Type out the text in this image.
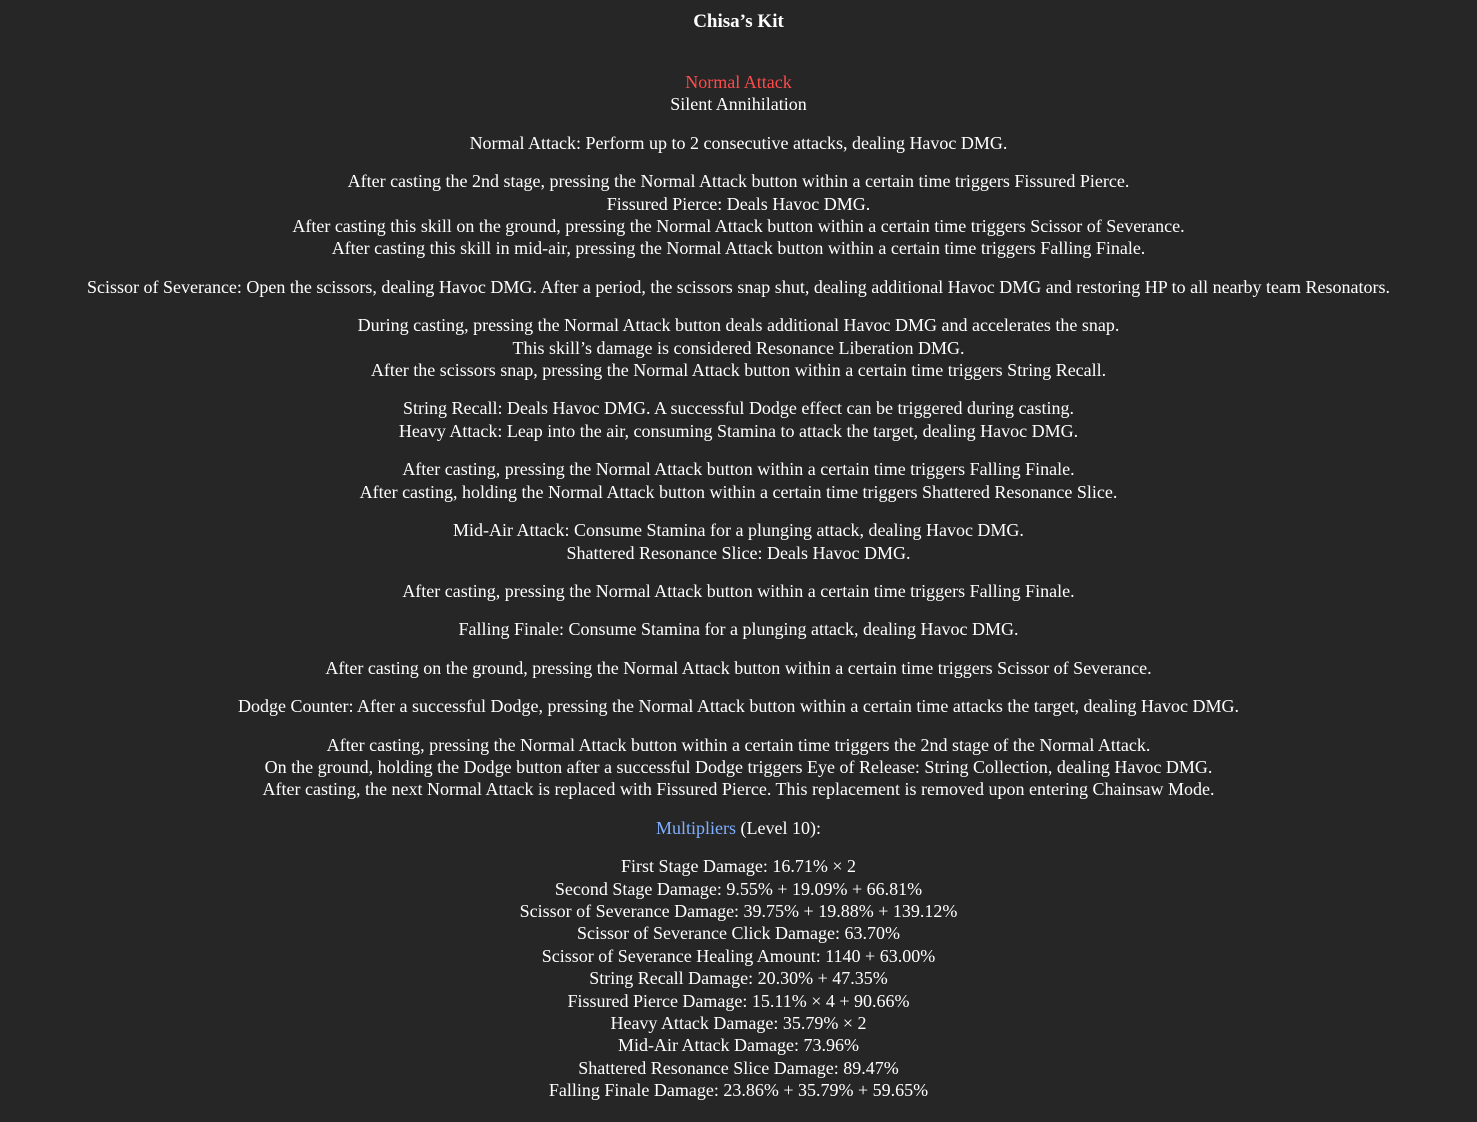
Chisa’s Kit
Normal Attack
Silent Annihilation
Normal Attack: Perform up to 2 consecutive attacks, dealing Havoc DMG.
After casting the 2nd stage, pressing the Normal Attack button within a certain time triggers Fissured Pierce.
Fissured Pierce: Deals Havoc DMG.
After casting this skill on the ground, pressing the Normal Attack button within a certain time triggers Scissor of Severance.
After casting this skill in mid-air, pressing the Normal Attack button within a certain time triggers Falling Finale.
Scissor of Severance: Open the scissors, dealing Havoc DMG. After a period, the scissors snap shut, dealing additional Havoc DMG and restoring HP to all nearby team Resonators.
During casting, pressing the Normal Attack button deals additional Havoc DMG and accelerates the snap.
This skill’s damage is considered Resonance Liberation DMG.
After the scissors snap, pressing the Normal Attack button within a certain time triggers String Recall.
String Recall: Deals Havoc DMG. A successful Dodge effect can be triggered during casting.
Heavy Attack: Leap into the air, consuming Stamina to attack the target, dealing Havoc DMG.
After casting, pressing the Normal Attack button within a certain time triggers Falling Finale.
After casting, holding the Normal Attack button within a certain time triggers Shattered Resonance Slice.
Mid-Air Attack: Consume Stamina for a plunging attack, dealing Havoc DMG.
Shattered Resonance Slice: Deals Havoc DMG.
After casting, pressing the Normal Attack button within a certain time triggers Falling Finale.
Falling Finale: Consume Stamina for a plunging attack, dealing Havoc DMG.
After casting on the ground, pressing the Normal Attack button within a certain time triggers Scissor of Severance.
Dodge Counter: After a successful Dodge, pressing the Normal Attack button within a certain time attacks the target, dealing Havoc DMG.
After casting, pressing the Normal Attack button within a certain time triggers the 2nd stage of the Normal Attack.
On the ground, holding the Dodge button after a successful Dodge triggers Eye of Release: String Collection, dealing Havoc DMG.
After casting, the next Normal Attack is replaced with Fissured Pierce. This replacement is removed upon entering Chainsaw Mode.
Multipliers (Level 10):
First Stage Damage: 16.71% × 2
Second Stage Damage: 9.55% + 19.09% + 66.81%
Scissor of Severance Damage: 39.75% + 19.88% + 139.12%
Scissor of Severance Click Damage: 63.70%
Scissor of Severance Healing Amount: 1140 + 63.00%
String Recall Damage: 20.30% + 47.35%
Fissured Pierce Damage: 15.11% × 4 + 90.66%
Heavy Attack Damage: 35.79% × 2
Mid-Air Attack Damage: 73.96%
Shattered Resonance Slice Damage: 89.47%
Falling Finale Damage: 23.86% + 35.79% + 59.65%
